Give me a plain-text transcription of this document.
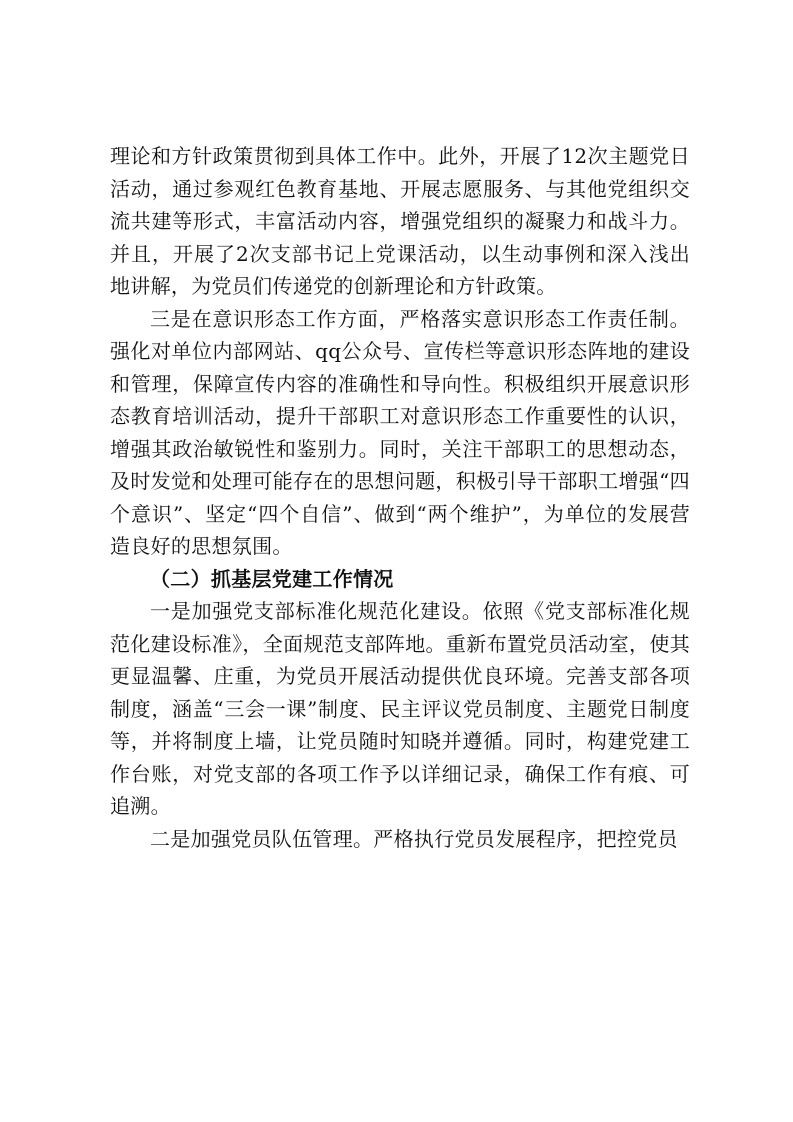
理论和方针政策贯彻到具体工作中。此外，开展了12次主题党日活动，通过参观红色教育基地、开展志愿服务、与其他党组织交流共建等形式，丰富活动内容，增强党组织的凝聚力和战斗力。并且，开展了2次支部书记上党课活动，以生动事例和深入浅出地讲解，为党员们传递党的创新理论和方针政策。

三是在意识形态工作方面，严格落实意识形态工作责任制。强化对单位内部网站、qq公众号、宣传栏等意识形态阵地的建设和管理，保障宣传内容的准确性和导向性。积极组织开展意识形态教育培训活动，提升干部职工对意识形态工作重要性的认识，增强其政治敏锐性和鉴别力。同时，关注干部职工的思想动态，及时发觉和处理可能存在的思想问题，积极引导干部职工增强“四个意识”、坚定“四个自信”、做到“两个维护”，为单位的发展营造良好的思想氛围。

（二）抓基层党建工作情况

一是加强党支部标准化规范化建设。依照《党支部标准化规范化建设标准》，全面规范支部阵地。重新布置党员活动室，使其更显温馨、庄重，为党员开展活动提供优良环境。完善支部各项制度，涵盖“三会一课”制度、民主评议党员制度、主题党日制度等，并将制度上墙，让党员随时知晓并遵循。同时，构建党建工作台账，对党支部的各项工作予以详细记录，确保工作有痕、可追溯。

二是加强党员队伍管理。严格执行党员发展程序，把控党员
